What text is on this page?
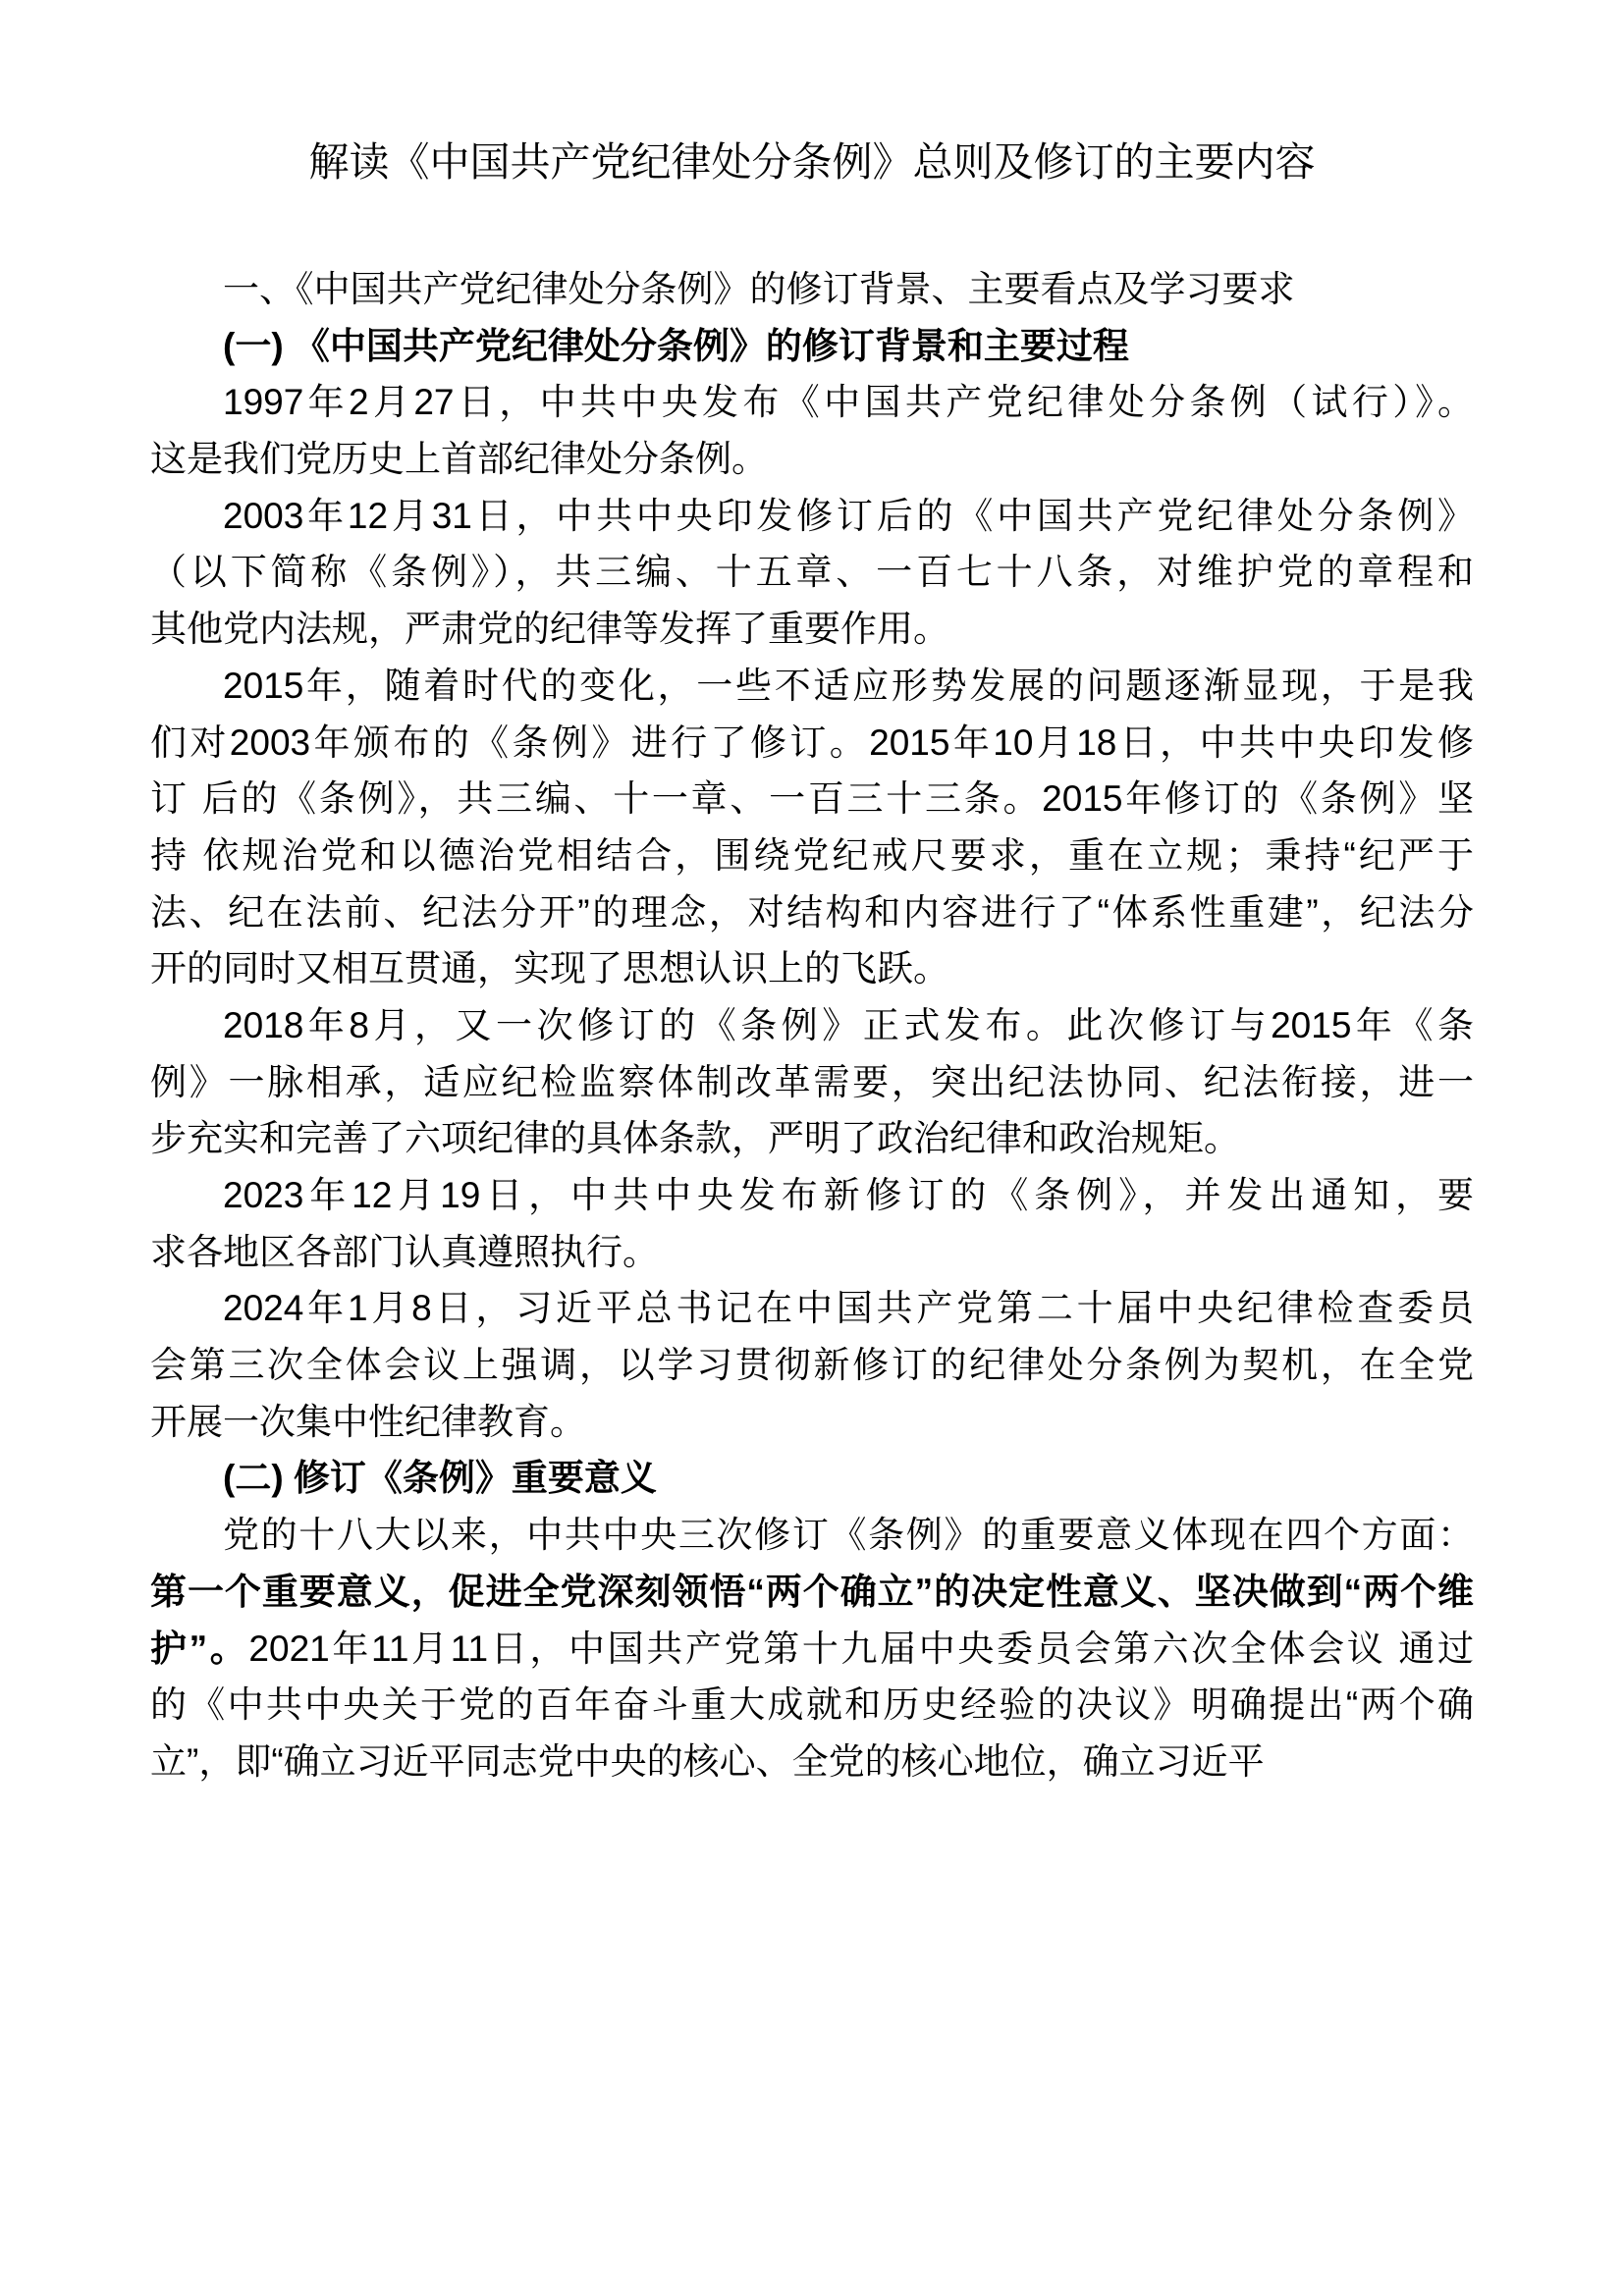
解读《中国共产党纪律处分条例》总则及修订的主要内容
一、《中国共产党纪律处分条例》的修订背景、主要看点及学习要求
(一) 《中国共产党纪律处分条例》的修订背景和主要过程
1997年2月27日，中共中央发布《中国共产党纪律处分条例（试行）》。
这是我们党历史上首部纪律处分条例。
2003年12月31日，中共中央印发修订后的《中国共产党纪律处分条例》
（以下简称《条例》），共三编、十五章、一百七十八条，对维护党的章程和
其他党内法规，严肃党的纪律等发挥了重要作用。
2015年，随着时代的变化，一些不适应形势发展的问题逐渐显现，于是我
们对2003年颁布的《条例》进行了修订。2015年10月18日，中共中央印发修
订 后的《条例》，共三编、十一章、一百三十三条。2015年修订的《条例》坚
持 依规治党和以德治党相结合，围绕党纪戒尺要求，重在立规；秉持“纪严于
法、纪在法前、纪法分开”的理念，对结构和内容进行了“体系性重建”，纪法分
开的同时又相互贯通，实现了思想认识上的飞跃。
2018年8月，又一次修订的《条例》正式发布。此次修订与2015年《条
例》一脉相承，适应纪检监察体制改革需要，突出纪法协同、纪法衔接，进一
步充实和完善了六项纪律的具体条款，严明了政治纪律和政治规矩。
2023年12月19日，中共中央发布新修订的《条例》，并发出通知，要
求各地区各部门认真遵照执行。
2024年1月8日，习近平总书记在中国共产党第二十届中央纪律检查委员
会第三次全体会议上强调，以学习贯彻新修订的纪律处分条例为契机，在全党
开展一次集中性纪律教育。
(二) 修订《条例》重要意义
党的十八大以来，中共中央三次修订《条例》的重要意义体现在四个方面：
第一个重要意义，促进全党深刻领悟“两个确立”的决定性意义、坚决做到“两个维
护”。2021年11月11日，中国共产党第十九届中央委员会第六次全体会议 通过
的《中共中央关于党的百年奋斗重大成就和历史经验的决议》明确提出“两个确
立”，即“确立习近平同志党中央的核心、全党的核心地位，确立习近平
